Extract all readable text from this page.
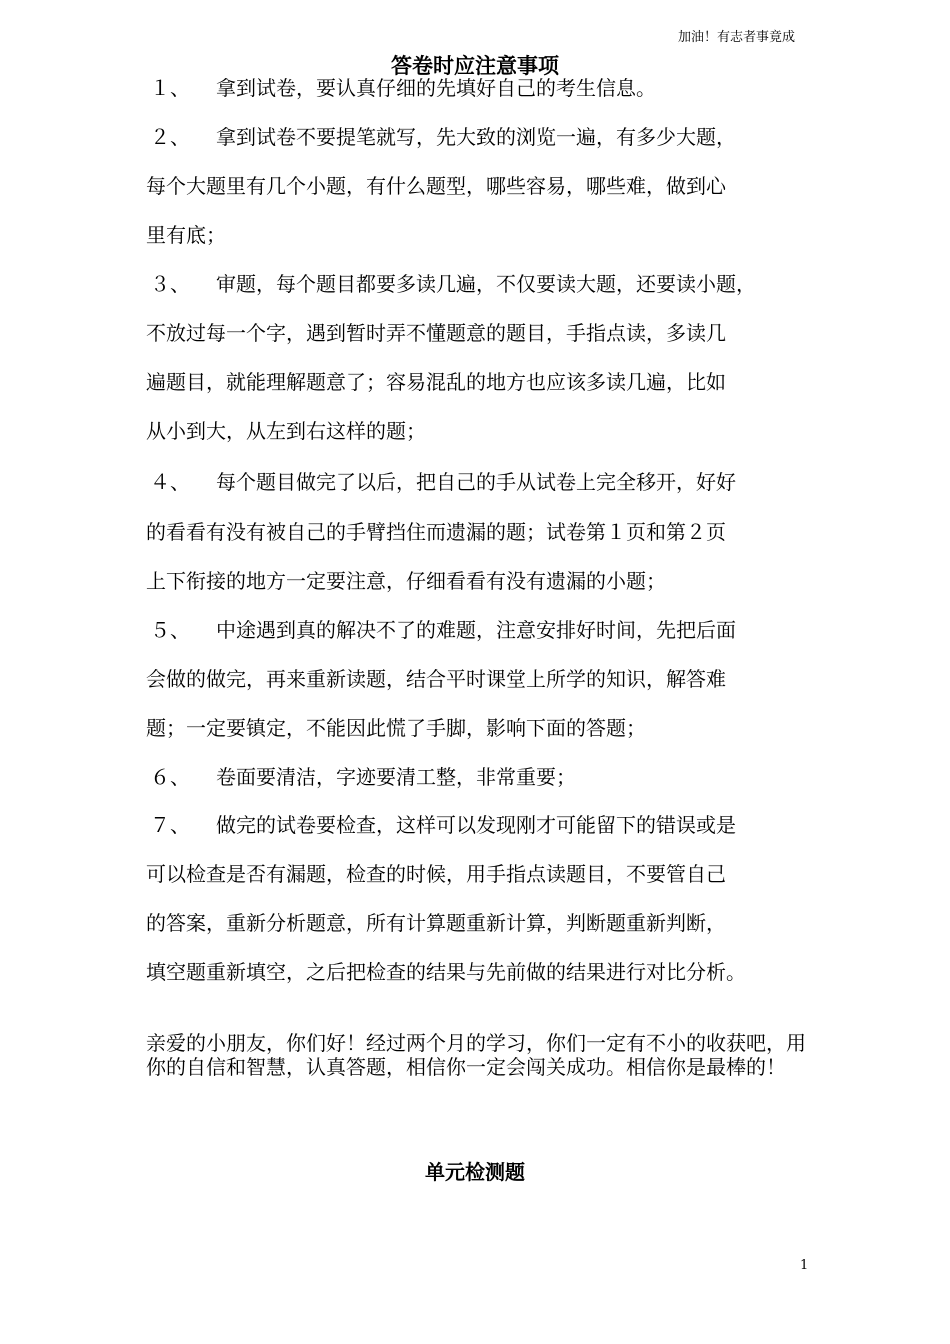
加油！有志者事竟成
答卷时应注意事项
１、 拿到试卷，要认真仔细的先填好自己的考生信息。
２、 拿到试卷不要提笔就写，先大致的浏览一遍，有多少大题，
每个大题里有几个小题，有什么题型，哪些容易，哪些难，做到心
里有底；
３、 审题，每个题目都要多读几遍，不仅要读大题，还要读小题，
不放过每一个字，遇到暂时弄不懂题意的题目，手指点读，多读几
遍题目，就能理解题意了；容易混乱的地方也应该多读几遍，比如
从小到大，从左到右这样的题；
４、 每个题目做完了以后，把自己的手从试卷上完全移开，好好
的看看有没有被自己的手臂挡住而遗漏的题；试卷第１页和第２页
上下衔接的地方一定要注意，仔细看看有没有遗漏的小题；
５、 中途遇到真的解决不了的难题，注意安排好时间，先把后面
会做的做完，再来重新读题，结合平时课堂上所学的知识，解答难
题；一定要镇定，不能因此慌了手脚，影响下面的答题；
６、 卷面要清洁，字迹要清工整，非常重要；
７、 做完的试卷要检查，这样可以发现刚才可能留下的错误或是
可以检查是否有漏题，检查的时候，用手指点读题目，不要管自己
的答案，重新分析题意，所有计算题重新计算，判断题重新判断，
填空题重新填空，之后把检查的结果与先前做的结果进行对比分析。

亲爱的小朋友，你们好！经过两个月的学习，你们一定有不小的收获吧，用你的自信和智慧，认真答题，相信你一定会闯关成功。相信你是最棒的！

单元检测题
1
